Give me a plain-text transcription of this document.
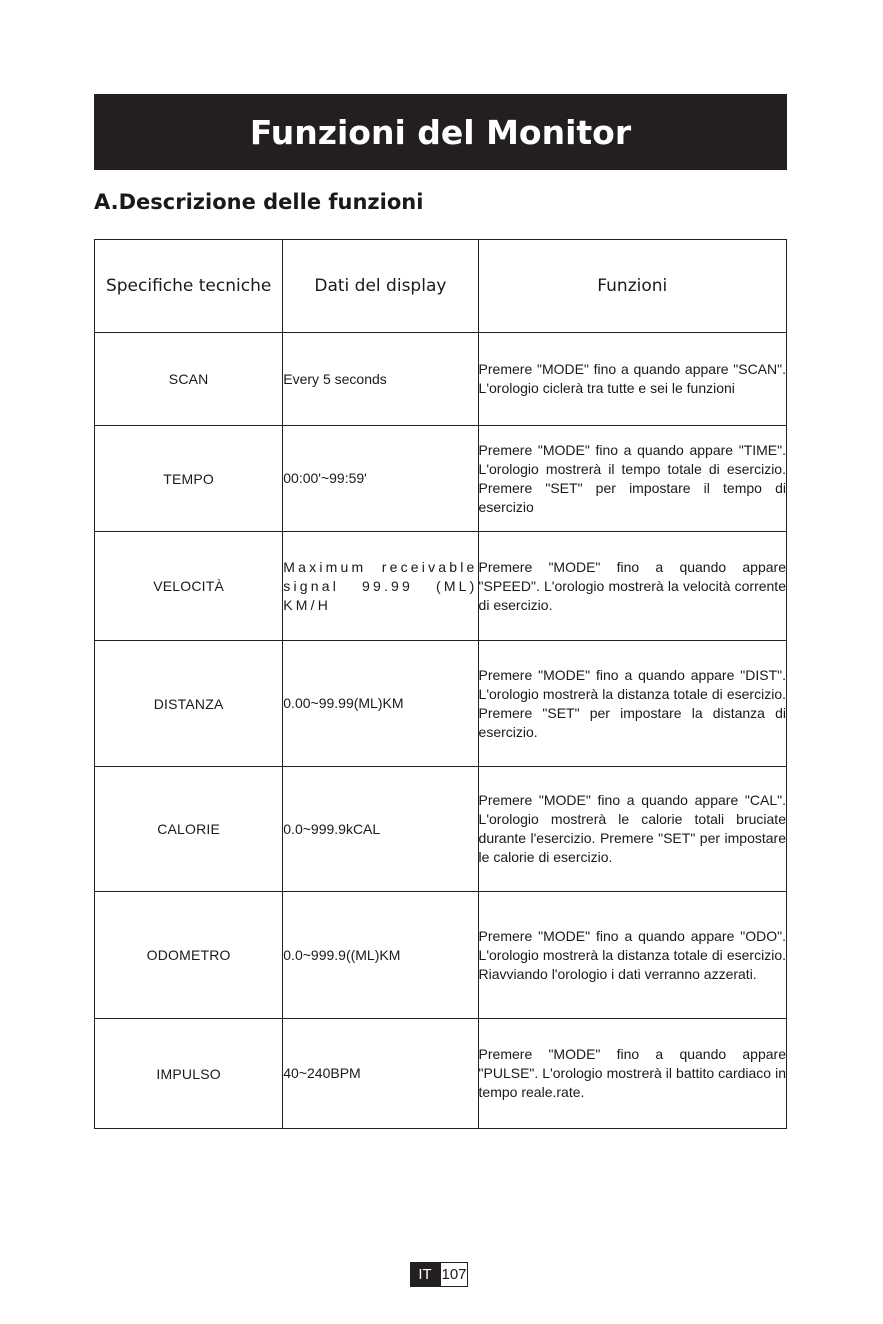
Funzioni del Monitor
A.Descrizione delle funzioni
Specifiche tecniche	Dati del display	Funzioni
SCAN	Every 5 seconds	Premere "MODE" fino a quando appare "SCAN". L'orologio ciclerà tra tutte e sei le funzioni
TEMPO	00:00'~99:59'	Premere "MODE" fino a quando appare "TIME". L'orologio mostrerà il tempo totale di esercizio. Premere "SET" per impostare il tempo di esercizio
VELOCITÀ	Maximum receivable signal 99.99 (ML) KM/H	Premere "MODE" fino a quando appare "SPEED". L'orologio mostrerà la velocità corrente di esercizio.
DISTANZA	0.00~99.99(ML)KM	Premere "MODE" fino a quando appare "DIST". L'orologio mostrerà la distanza totale di esercizio. Premere "SET" per impostare la distanza di esercizio.
CALORIE	0.0~999.9kCAL	Premere "MODE" fino a quando appare "CAL". L'orologio mostrerà le calorie totali bruciate durante l'esercizio. Premere "SET" per impostare le calorie di esercizio.
ODOMETRO	0.0~999.9((ML)KM	Premere "MODE" fino a quando appare "ODO". L'orologio mostrerà la distanza totale di esercizio. Riavviando l'orologio i dati verranno azzerati.
IMPULSO	40~240BPM	Premere "MODE" fino a quando appare "PULSE". L'orologio mostrerà il battito cardiaco in tempo reale.rate.
IT 107
